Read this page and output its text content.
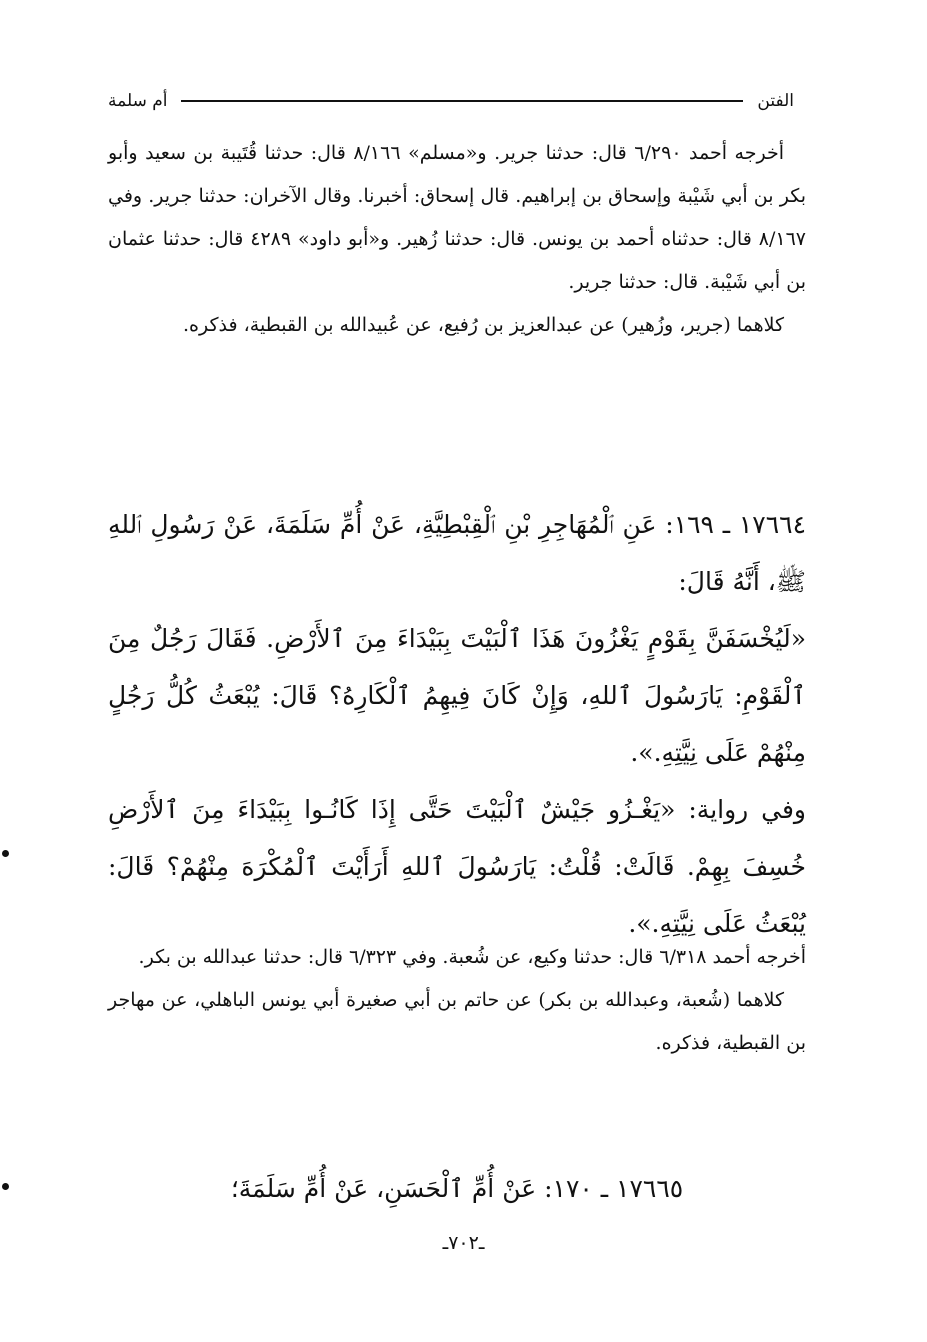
الفتن
أم سلمة

أخرجه أحمد ٦/٢٩٠ قال: حدثنا جرير. و«مسلم» ٨/١٦٦ قال: حدثنا قُتَيبة بن سعيد وأبو بكر بن أبي شَيْبة وإسحاق بن إبراهيم. قال إسحاق: أخبرنا. وقال الآخران: حدثنا جرير. وفي ٨/١٦٧ قال: حدثناه أحمد بن يونس. قال: حدثنا زُهير. و«أبو داود» ٤٢٨٩ قال: حدثنا عثمان بن أبي شَيْبة. قال: حدثنا جرير.

كلاهما (جرير، وزُهير) عن عبدالعزيز بن رُفيع، عن عُبيدالله بن القبطية، فذكره.

١٧٦٦٤ ـ ١٦٩: عَنِ ٱلْمُهَاجِرِ بْنِ ٱلْقِبْطِيَّةِ، عَنْ أُمِّ سَلَمَةَ، عَنْ رَسُولِ ٱللهِ ﷺ، أَنَّهُ قَالَ:

«لَيُخْسَفَنَّ بِقَوْمٍ يَغْزُونَ هَذَا ٱلْبَيْتَ بِبَيْدَاءَ مِنَ ٱلأَرْضِ. فَقَالَ رَجُلٌ مِنَ ٱلْقَوْمِ: يَارَسُولَ ٱللهِ، وَإِنْ كَانَ فِيهِمُ ٱلْكَارِهُ؟ قَالَ: يُبْعَثُ كُلُّ رَجُلٍ مِنْهُمْ عَلَى نِيَّتِهِ.».

وفي رواية: «يَغْـزُو جَيْشٌ ٱلْبَيْتَ حَتَّى إِذَا كَانُـوا بِبَيْدَاءَ مِنَ ٱلأَرْضِ خُسِفَ بِهِمْ. قَالَتْ: قُلْتُ: يَارَسُولَ ٱللهِ أَرَأَيْتَ ٱلْمُكْرَهَ مِنْهُمْ؟ قَالَ: يُبْعَثُ عَلَى نِيَّتِهِ.».

أخرجه أحمد ٦/٣١٨ قال: حدثنا وكيع، عن شُعبة. وفي ٦/٣٢٣ قال: حدثنا عبدالله بن بكر.

كلاهما (شُعبة، وعبدالله بن بكر) عن حاتم بن أبي صغيرة أبي يونس الباهلي، عن مهاجر بن القبطية، فذكره.

١٧٦٦٥ ـ ١٧٠: عَنْ أُمِّ ٱلْحَسَنِ، عَنْ أُمِّ سَلَمَةَ؛

ـ٧٠٢ـ
